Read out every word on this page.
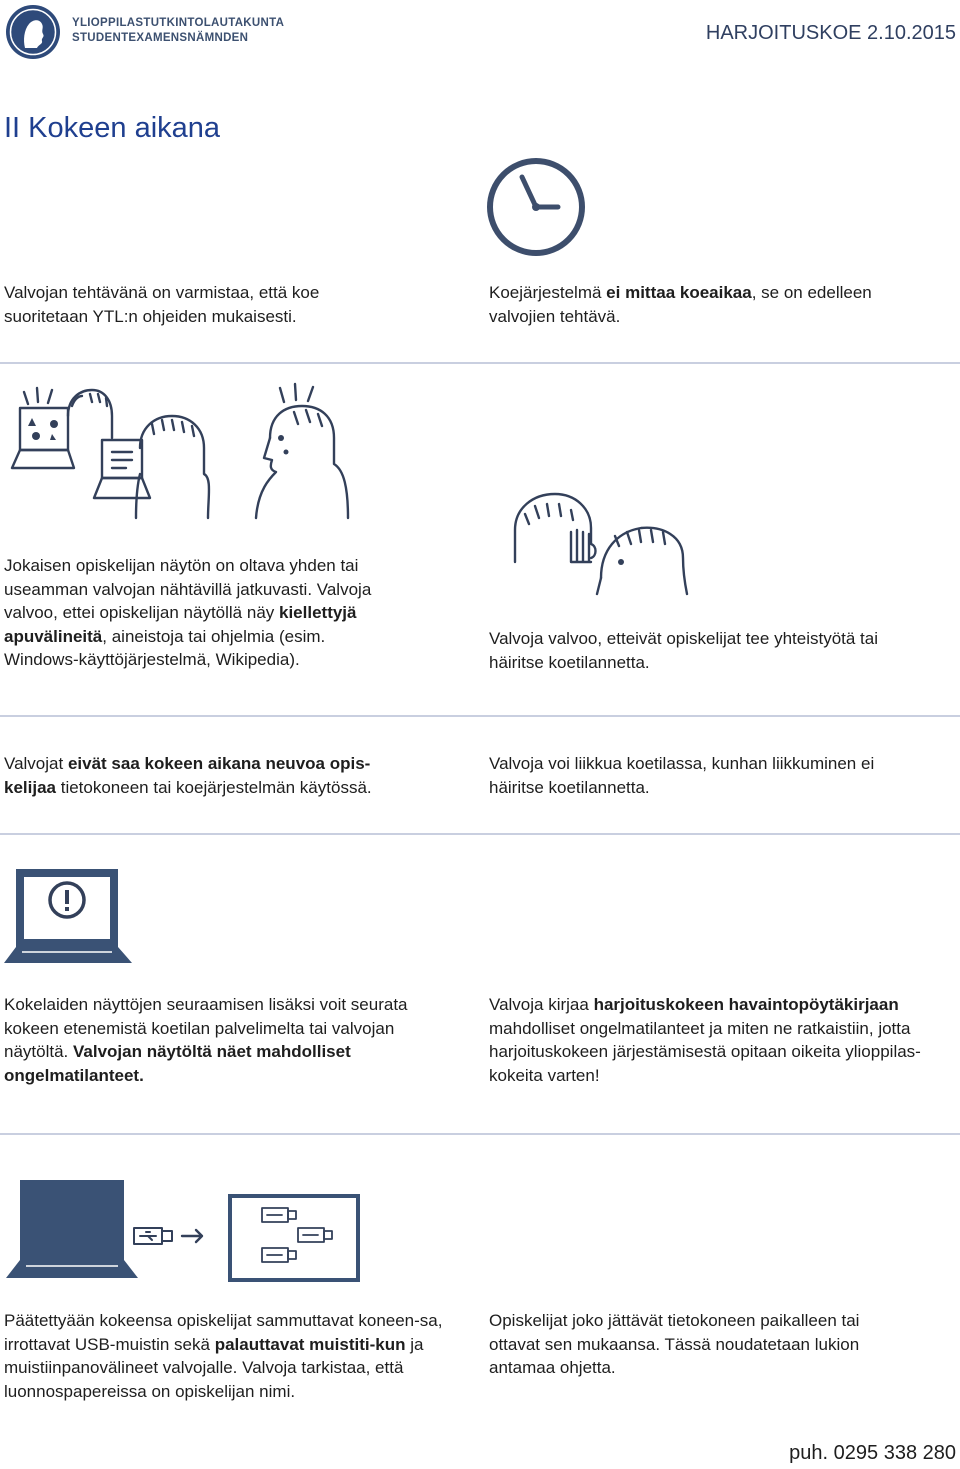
YLIOPPILASTUTKINTOLAUTAKUNTA
STUDENTEXAMENSNÄMNDEN	HARJOITUSKOE 2.10.2015
II Kokeen aikana
Valvojan tehtävänä on varmistaa, että koe suoritetaan YTL:n ohjeiden mukaisesti.
Koejärjestelmä ei mittaa koeaikaa, se on edelleen valvojien tehtävä.
Jokaisen opiskelijan näytön on oltava yhden tai useamman valvojan nähtävillä jatkuvasti. Valvoja valvoo, ettei opiskelijan näytöllä näy kiellettyjä apuvälineitä, aineistoja tai ohjelmia (esim. Windows-käyttöjärjestelmä, Wikipedia).
Valvoja valvoo, etteivät opiskelijat tee yhteistyötä tai häiritse koetilannetta.
Valvojat eivät saa kokeen aikana neuvoa opis-kelijaa tietokoneen tai koejärjestelmän käytössä.
Valvoja voi liikkua koetilassa, kunhan liikkuminen ei häiritse koetilannetta.
Kokelaiden näyttöjen seuraamisen lisäksi voit seurata kokeen etenemistä koetilan palvelimelta tai valvojan näytöltä. Valvojan näytöltä näet mahdolliset ongelmatilanteet.
Valvoja kirjaa harjoituskokeen havaintopöytäkirjaan mahdolliset ongelmatilanteet ja miten ne ratkaistiin, jotta harjoituskokeen järjestämisestä opitaan oikeita ylioppilas-kokeita varten!
Päätettyään kokeensa opiskelijat sammuttavat koneen-sa, irrottavat USB-muistin sekä palauttavat muistiti-kun ja muistiinpanovälineet valvojalle. Valvoja tarkistaa, että luonnospapereissa on opiskelijan nimi.
Opiskelijat joko jättävät tietokoneen paikalleen tai ottavat sen mukaansa. Tässä noudatetaan lukion antamaa ohjetta.
puh. 0295 338 280
